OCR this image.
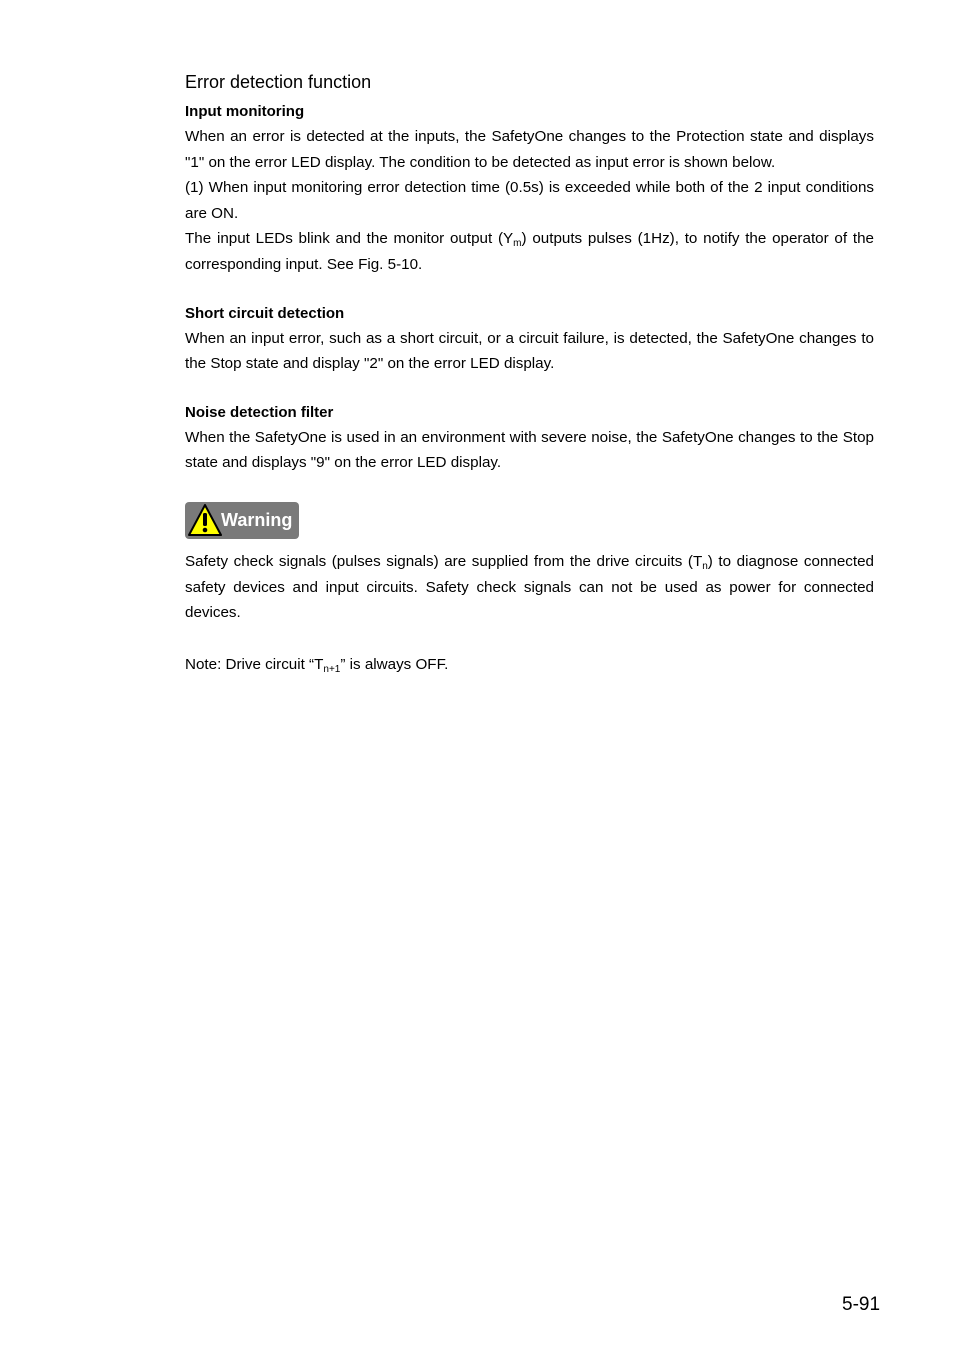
Error detection function
Input monitoring

When an error is detected at the inputs, the SafetyOne changes to the Protection state and displays "1" on the error LED display. The condition to be detected as input error is shown below.

(1) When input monitoring error detection time (0.5s) is exceeded while both of the 2 input conditions are ON.

The input LEDs blink and the monitor output $(Y_m)$ outputs pulses (1Hz), to notify the operator of the corresponding input. See Fig. 5-10.

Short circuit detection

When an input error, such as a short circuit, or a circuit failure, is detected, the SafetyOne changes to the Stop state and display "2" on the error LED display.

Noise detection filter

When the SafetyOne is used in an environment with severe noise, the SafetyOne changes to the Stop state and displays "9" on the error LED display.

Warning

Safety check signals (pulses signals) are supplied from the drive circuits $(T_n)$ to diagnose connected safety devices and input circuits. Safety check signals can not be used as power for connected devices.

Note: Drive circuit “$T_{n+1}$” is always OFF.

5-91
